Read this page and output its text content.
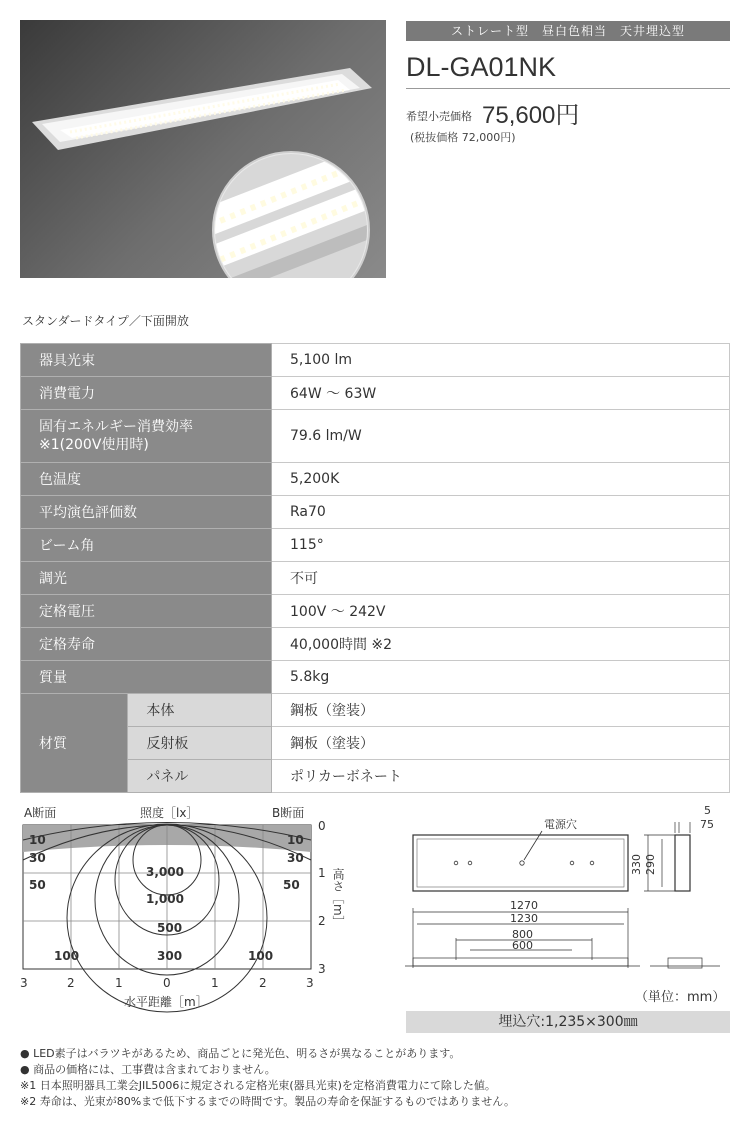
スタンダードタイプ／下面開放
ストレート型　昼白色相当　天井埋込型
DL-GA01NK
希望小売価格 75,600円
(税抜価格 72,000円)
器具光束		5,100 lm
消費電力		64W ～ 63W

固有エネルギー消費効率
※1(200V使用時)		79.6 lm/W
色温度		5,200K
平均演色評価数		Ra70
ビーム角		115°
調光		不可
定格電圧		100V ～ 242V
定格寿命		40,000時間 ※2
質量		5.8kg
材質	本体	鋼板（塗装）
	反射板	鋼板（塗装）
	パネル	ポリカーボネート
A断面	照度［lx］	B断面
3,000
1,000
500
300
10
30
50
100
10
30
50
100
0
1
2
3
高さ［m］
3	2	1	0	1	2	3
水平距離［m］
電源穴
290
330
5
75
1270
1230
800
600
（単位：mm）
埋込穴:1,235×300㎜
● LED素子はバラツキがあるため、商品ごとに発光色、明るさが異なることがあります。
● 商品の価格には、工事費は含まれておりません。
※1 日本照明器具工業会JIL5006に規定される定格光束(器具光束)を定格消費電力にて除した値。
※2 寿命は、光束が80%まで低下するまでの時間です。製品の寿命を保証するものではありません。
